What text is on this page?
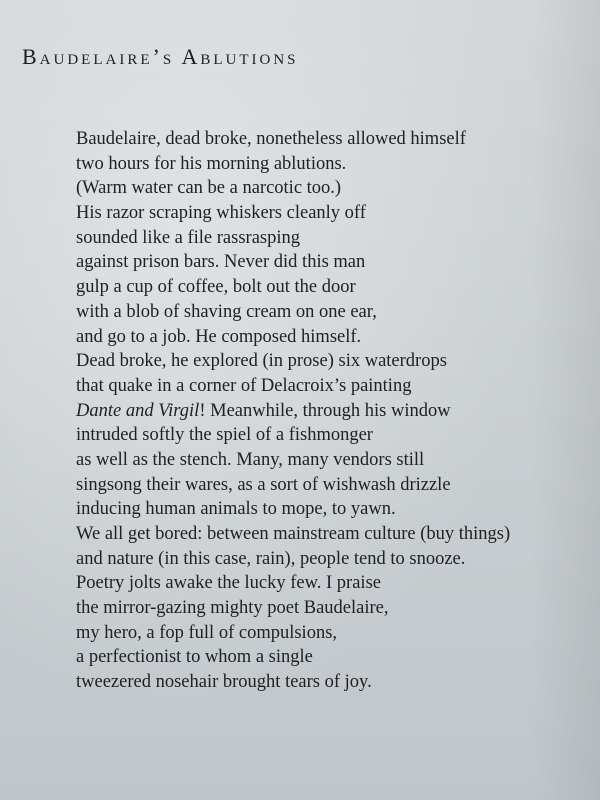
Baudelaire’s Ablutions
Baudelaire, dead broke, nonetheless allowed himself
two hours for his morning ablutions.
(Warm water can be a narcotic too.)
His razor scraping whiskers cleanly off
sounded like a file rassrasping
against prison bars. Never did this man
gulp a cup of coffee, bolt out the door
with a blob of shaving cream on one ear,
and go to a job. He composed himself.
Dead broke, he explored (in prose) six waterdrops
that quake in a corner of Delacroix’s painting
Dante and Virgil! Meanwhile, through his window
intruded softly the spiel of a fishmonger
as well as the stench. Many, many vendors still
singsong their wares, as a sort of wishwash drizzle
inducing human animals to mope, to yawn.
We all get bored: between mainstream culture (buy things)
and nature (in this case, rain), people tend to snooze.
Poetry jolts awake the lucky few. I praise
the mirror-gazing mighty poet Baudelaire,
my hero, a fop full of compulsions,
a perfectionist to whom a single
tweezered nosehair brought tears of joy.
